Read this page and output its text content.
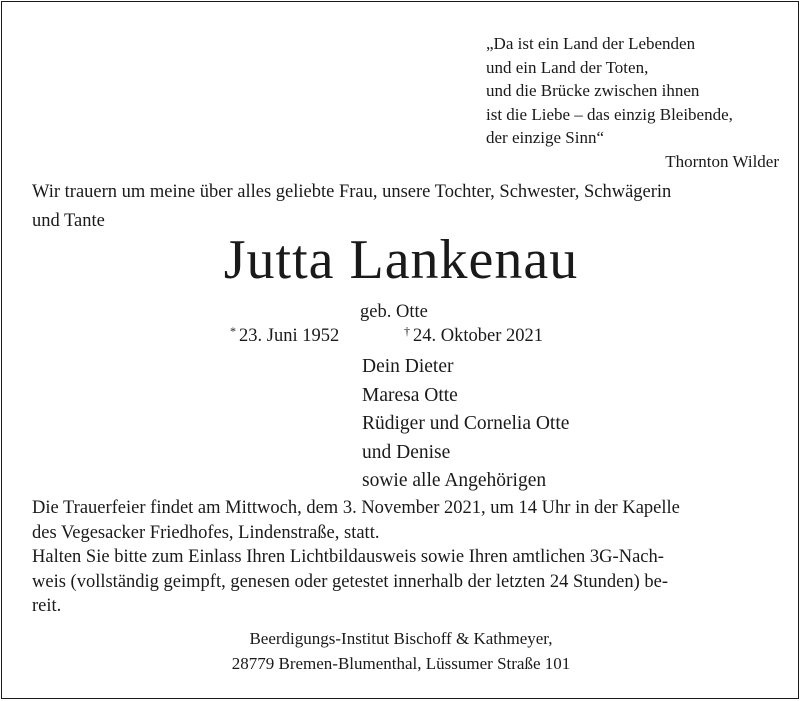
„Da ist ein Land der Lebenden
und ein Land der Toten,
und die Brücke zwischen ihnen
ist die Liebe – das einzig Bleibende,
der einzige Sinn“
Thornton Wilder
Wir trauern um meine über alles geliebte Frau, unsere Tochter, Schwester, Schwägerin
und Tante
Jutta Lankenau
geb. Otte
* 23. Juni 1952	† 24. Oktober 2021
Dein Dieter
Maresa Otte
Rüdiger und Cornelia Otte
und Denise
sowie alle Angehörigen
Die Trauerfeier findet am Mittwoch, dem 3. November 2021, um 14 Uhr in der Kapelle
des Vegesacker Friedhofes, Lindenstraße, statt.
Halten Sie bitte zum Einlass Ihren Lichtbildausweis sowie Ihren amtlichen 3G-Nach-
weis (vollständig geimpft, genesen oder getestet innerhalb der letzten 24 Stunden) be-
reit.
Beerdigungs-Institut Bischoff & Kathmeyer,
28779 Bremen-Blumenthal, Lüssumer Straße 101
